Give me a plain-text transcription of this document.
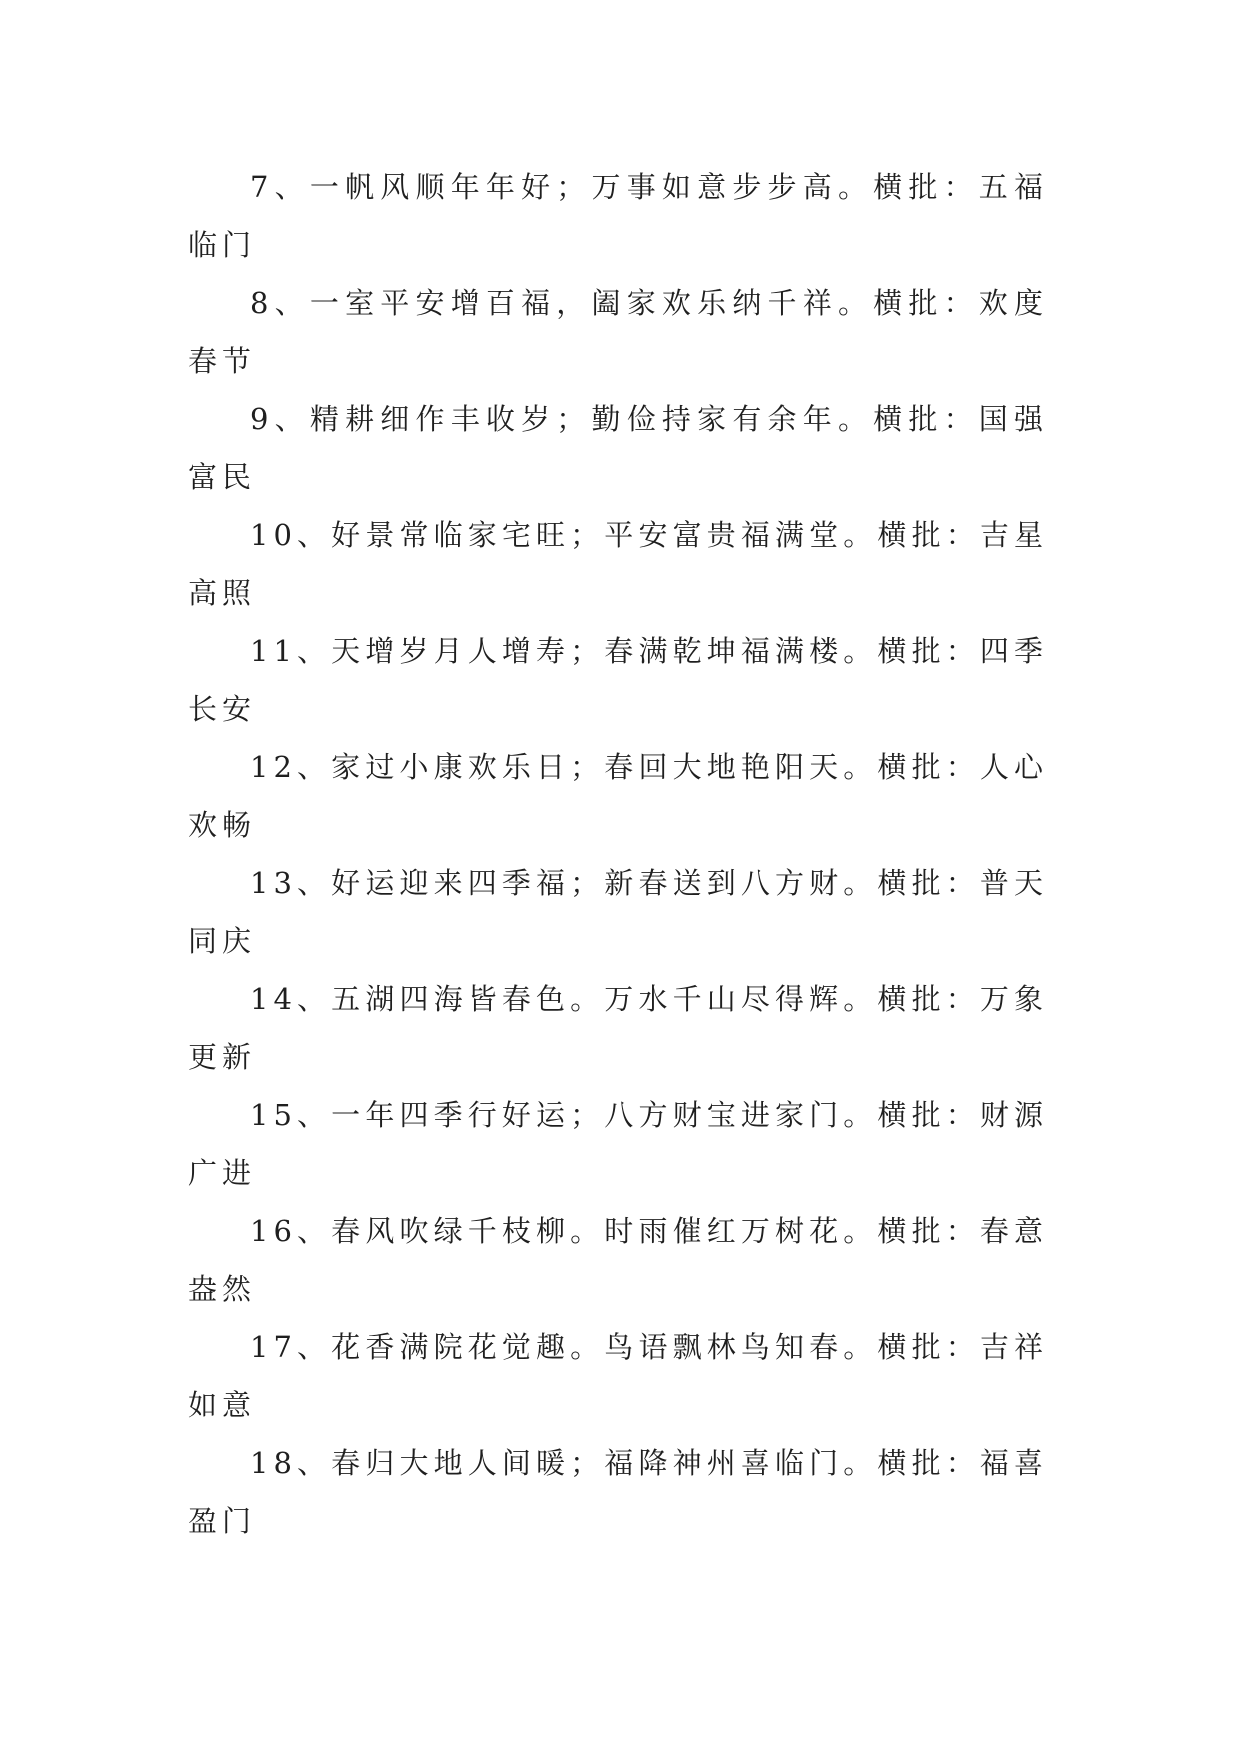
7、一帆风顺年年好；万事如意步步高。横批：五福临门

8、一室平安增百福，阖家欢乐纳千祥。横批：欢度春节

9、精耕细作丰收岁；勤俭持家有余年。横批：国强富民

10、好景常临家宅旺；平安富贵福满堂。横批：吉星高照

11、天增岁月人增寿；春满乾坤福满楼。横批：四季长安

12、家过小康欢乐日；春回大地艳阳天。横批：人心欢畅

13、好运迎来四季福；新春送到八方财。横批：普天同庆

14、五湖四海皆春色。万水千山尽得辉。横批：万象更新

15、一年四季行好运；八方财宝进家门。横批：财源广进

16、春风吹绿千枝柳。时雨催红万树花。横批：春意盎然

17、花香满院花觉趣。鸟语飘林鸟知春。横批：吉祥如意

18、春归大地人间暖；福降神州喜临门。横批：福喜盈门
